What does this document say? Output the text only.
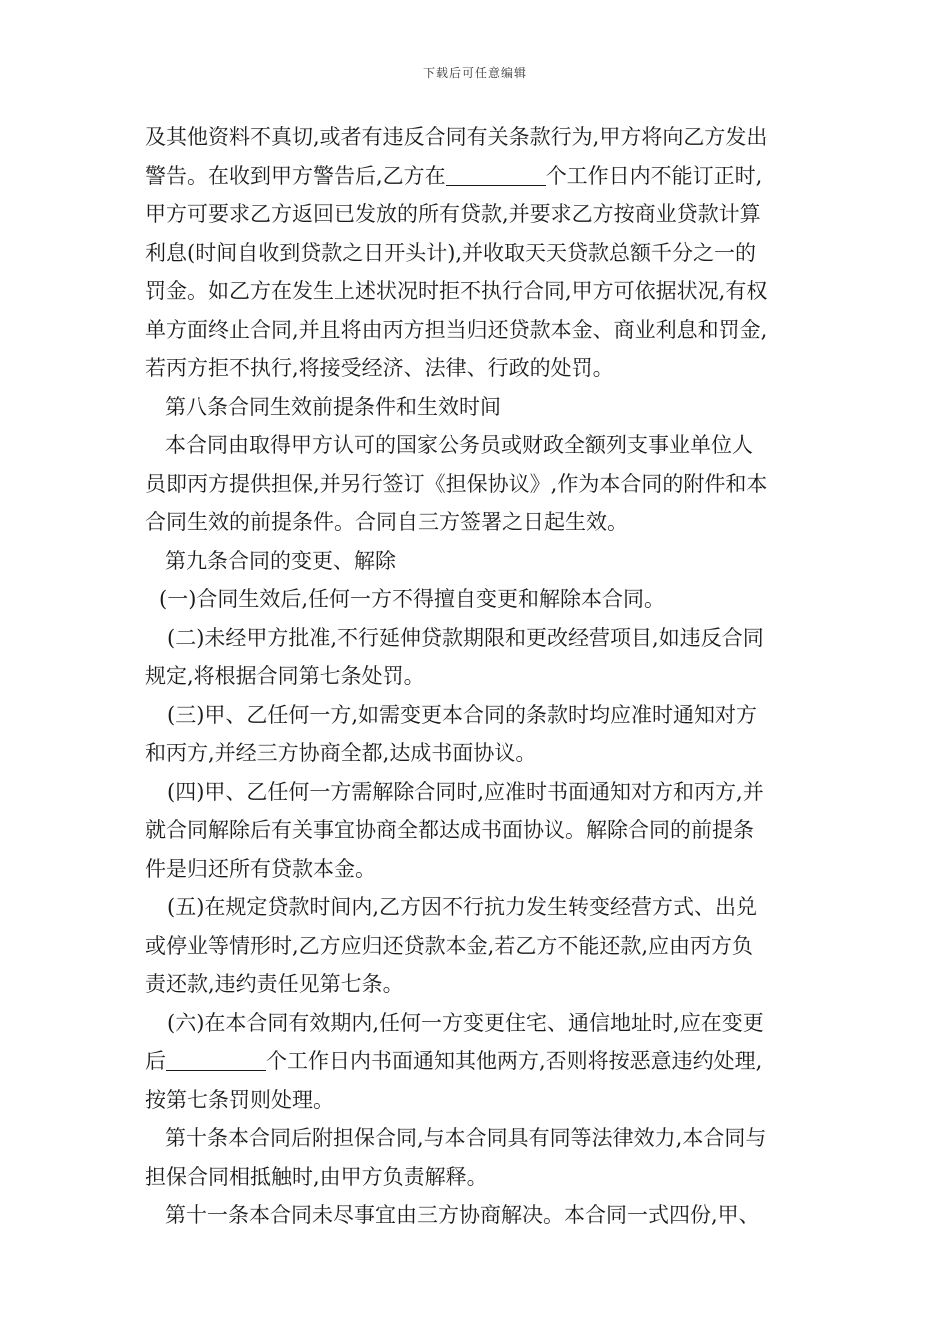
下载后可任意编辑
及其他资料不真切,或者有违反合同有关条款行为,甲方将向乙方发出
警告。在收到甲方警告后,乙方在	个工作日内不能订正时,
甲方可要求乙方返回已发放的所有贷款,并要求乙方按商业贷款计算
利息(时间自收到贷款之日开头计),并收取天天贷款总额千分之一的
罚金。如乙方在发生上述状况时拒不执行合同,甲方可依据状况,有权
单方面终止合同,并且将由丙方担当归还贷款本金、商业利息和罚金,
若丙方拒不执行,将接受经济、法律、行政的处罚。
第八条合同生效前提条件和生效时间
本合同由取得甲方认可的国家公务员或财政全额列支事业单位人
员即丙方提供担保,并另行签订《担保协议》,作为本合同的附件和本
合同生效的前提条件。合同自三方签署之日起生效。
第九条合同的变更、解除
(一)合同生效后,任何一方不得擅自变更和解除本合同。
(二)未经甲方批准,不行延伸贷款期限和更改经营项目,如违反合同
规定,将根据合同第七条处罚。
(三)甲、乙任何一方,如需变更本合同的条款时均应准时通知对方
和丙方,并经三方协商全都,达成书面协议。
(四)甲、乙任何一方需解除合同时,应准时书面通知对方和丙方,并
就合同解除后有关事宜协商全都达成书面协议。解除合同的前提条
件是归还所有贷款本金。
(五)在规定贷款时间内,乙方因不行抗力发生转变经营方式、出兑
或停业等情形时,乙方应归还贷款本金,若乙方不能还款,应由丙方负
责还款,违约责任见第七条。
(六)在本合同有效期内,任何一方变更住宅、通信地址时,应在变更
后	个工作日内书面通知其他两方,否则将按恶意违约处理,
按第七条罚则处理。
第十条本合同后附担保合同,与本合同具有同等法律效力,本合同与
担保合同相抵触时,由甲方负责解释。
第十一条本合同未尽事宜由三方协商解决。本合同一式四份,甲、
